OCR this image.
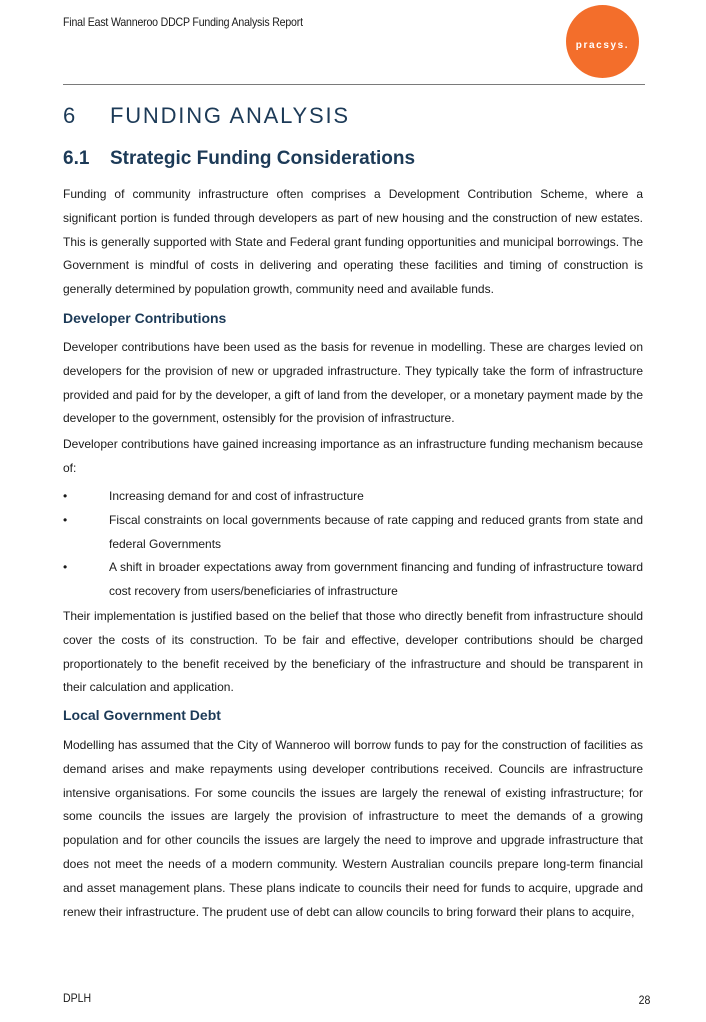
Final East Wanneroo DDCP Funding Analysis Report
pracsys.
6 FUNDING ANALYSIS
6.1 Strategic Funding Considerations

Funding of community infrastructure often comprises a Development Contribution Scheme, where a significant portion is funded through developers as part of new housing and the construction of new estates. This is generally supported with State and Federal grant funding opportunities and municipal borrowings. The Government is mindful of costs in delivering and operating these facilities and timing of construction is generally determined by population growth, community need and available funds.

Developer Contributions

Developer contributions have been used as the basis for revenue in modelling. These are charges levied on developers for the provision of new or upgraded infrastructure. They typically take the form of infrastructure provided and paid for by the developer, a gift of land from the developer, or a monetary payment made by the developer to the government, ostensibly for the provision of infrastructure.

Developer contributions have gained increasing importance as an infrastructure funding mechanism because of:

•	Increasing demand for and cost of infrastructure
•	Fiscal constraints on local governments because of rate capping and reduced grants from state and federal Governments
•	A shift in broader expectations away from government financing and funding of infrastructure toward cost recovery from users/beneficiaries of infrastructure

Their implementation is justified based on the belief that those who directly benefit from infrastructure should cover the costs of its construction. To be fair and effective, developer contributions should be charged proportionately to the benefit received by the beneficiary of the infrastructure and should be transparent in their calculation and application.

Local Government Debt

Modelling has assumed that the City of Wanneroo will borrow funds to pay for the construction of facilities as demand arises and make repayments using developer contributions received. Councils are infrastructure intensive organisations. For some councils the issues are largely the renewal of existing infrastructure; for some councils the issues are largely the provision of infrastructure to meet the demands of a growing population and for other councils the issues are largely the need to improve and upgrade infrastructure that does not meet the needs of a modern community. Western Australian councils prepare long-term financial and asset management plans. These plans indicate to councils their need for funds to acquire, upgrade and renew their infrastructure. The prudent use of debt can allow councils to bring forward their plans to acquire,

DPLH	28
